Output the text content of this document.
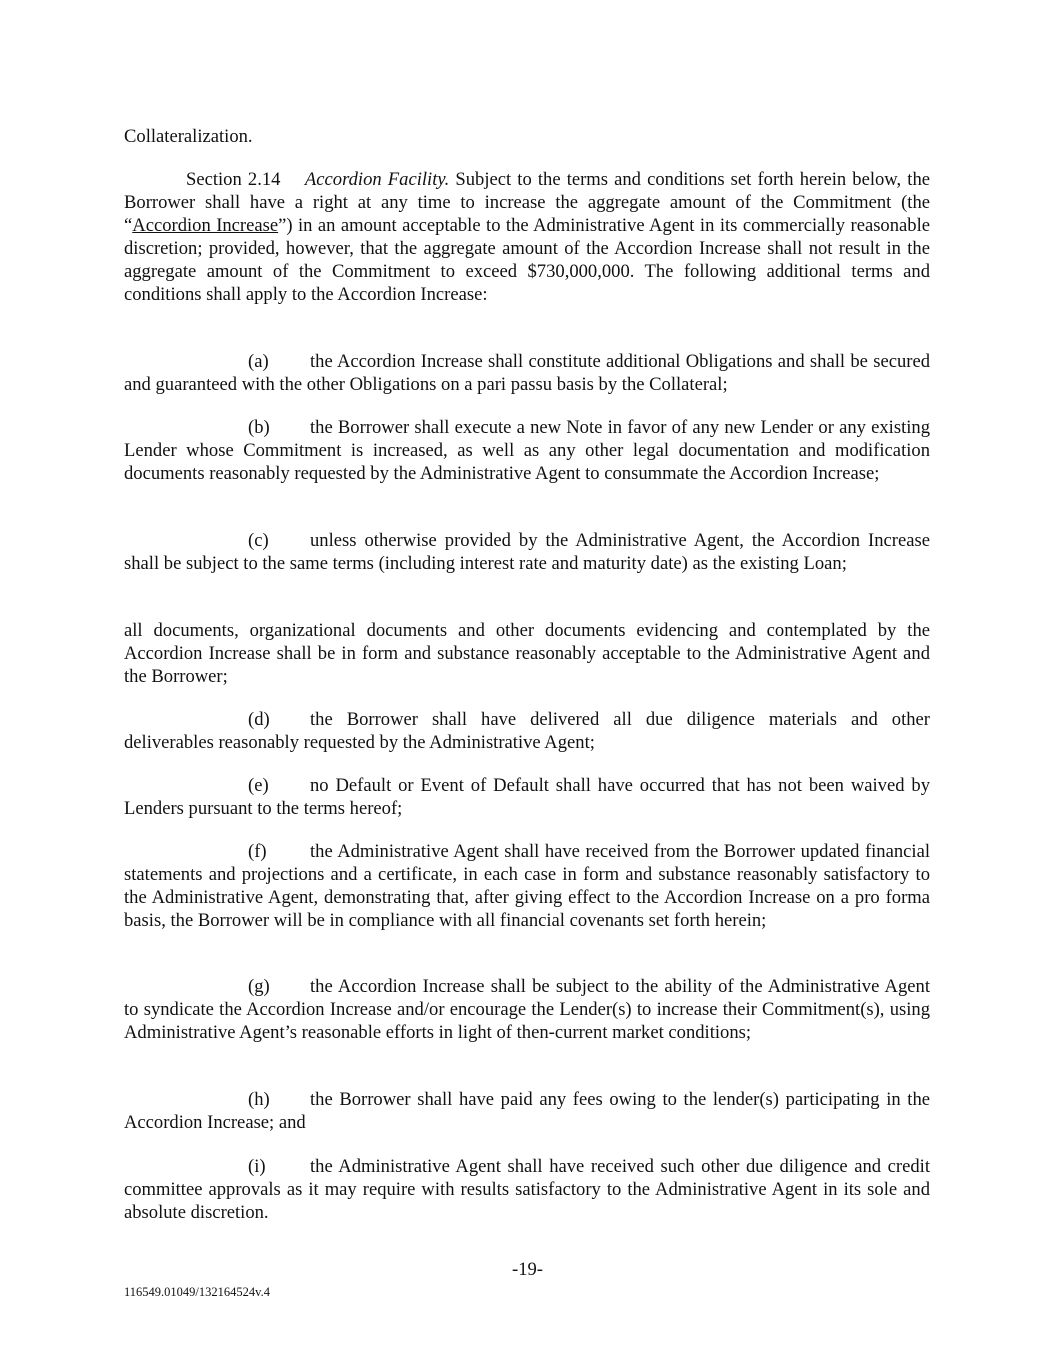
Collateralization.

Section 2.14 Accordion Facility. Subject to the terms and conditions set forth herein below, the Borrower shall have a right at any time to increase the aggregate amount of the Commitment (the “Accordion Increase”) in an amount acceptable to the Administrative Agent in its commercially reasonable discretion; provided, however, that the aggregate amount of the Accordion Increase shall not result in the aggregate amount of the Commitment to exceed $730,000,000. The following additional terms and conditions shall apply to the Accordion Increase:

(a) the Accordion Increase shall constitute additional Obligations and shall be secured and guaranteed with the other Obligations on a pari passu basis by the Collateral;

(b) the Borrower shall execute a new Note in favor of any new Lender or any existing Lender whose Commitment is increased, as well as any other legal documentation and modification documents reasonably requested by the Administrative Agent to consummate the Accordion Increase;

(c) unless otherwise provided by the Administrative Agent, the Accordion Increase shall be subject to the same terms (including interest rate and maturity date) as the existing Loan;

all documents, organizational documents and other documents evidencing and contemplated by the Accordion Increase shall be in form and substance reasonably acceptable to the Administrative Agent and the Borrower;

(d) the Borrower shall have delivered all due diligence materials and other deliverables reasonably requested by the Administrative Agent;

(e) no Default or Event of Default shall have occurred that has not been waived by Lenders pursuant to the terms hereof;

(f) the Administrative Agent shall have received from the Borrower updated financial statements and projections and a certificate, in each case in form and substance reasonably satisfactory to the Administrative Agent, demonstrating that, after giving effect to the Accordion Increase on a pro forma basis, the Borrower will be in compliance with all financial covenants set forth herein;

(g) the Accordion Increase shall be subject to the ability of the Administrative Agent to syndicate the Accordion Increase and/or encourage the Lender(s) to increase their Commitment(s), using Administrative Agent’s reasonable efforts in light of then-current market conditions;

(h) the Borrower shall have paid any fees owing to the lender(s) participating in the Accordion Increase; and

(i) the Administrative Agent shall have received such other due diligence and credit committee approvals as it may require with results satisfactory to the Administrative Agent in its sole and absolute discretion.

-19-
116549.01049/132164524v.4
